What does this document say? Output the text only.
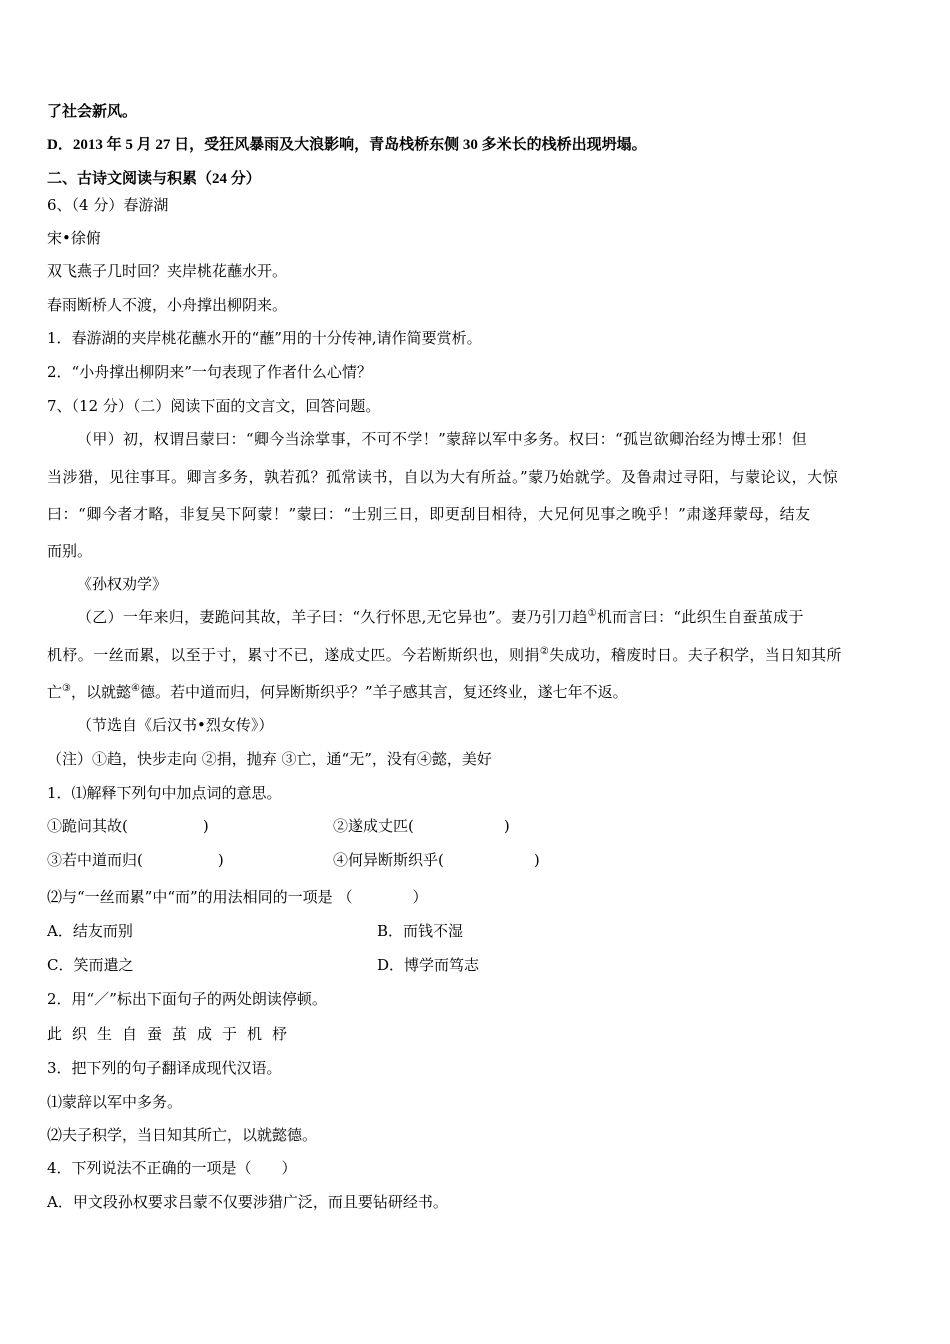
了社会新风。
D．2013 年 5 月 27 日，受狂风暴雨及大浪影响，青岛栈桥东侧 30 多米长的栈桥出现坍塌。
二、古诗文阅读与积累（24 分）
6、（4 分）春游湖
宋•徐俯
双飞燕子几时回？夹岸桃花蘸水开。
春雨断桥人不渡，小舟撑出柳阴来。
1．春游湖的夹岸桃花蘸水开的“蘸”用的十分传神,请作简要赏析。
2．“小舟撑出柳阴来”一句表现了作者什么心情？
7、（12 分）（二）阅读下面的文言文，回答问题。
（甲）初，权谓吕蒙曰：“卿今当涂掌事，不可不学！”蒙辞以军中多务。权曰：“孤岂欲卿治经为博士邪！但
当涉猎，见往事耳。卿言多务，孰若孤？孤常读书，自以为大有所益。”蒙乃始就学。及鲁肃过寻阳，与蒙论议，大惊
曰：“卿今者才略，非复吴下阿蒙！”蒙曰：“士别三日，即更刮目相待，大兄何见事之晚乎！”肃遂拜蒙母，结友
而别。
《孙权劝学》
（乙）一年来归，妻跪问其故，羊子曰：“久行怀思,无它异也”。妻乃引刀趋①机而言曰：“此织生自蚕茧成于
机杼。一丝而累，以至于寸，累寸不已，遂成丈匹。今若断斯织也，则捐②失成功，稽废时日。夫子积学，当日知其所
亡③，以就懿④德。若中道而归，何异断斯织乎？”羊子感其言，复还终业，遂七年不返。
（节选自《后汉书•烈女传》）
（注）①趋，快步走向 ②捐，抛弃 ③亡，通“无”，没有④懿，美好
1．⑴解释下列句中加点词的意思。
①跪问其故(　　　　　)	②遂成丈匹(　　　　　　)
③若中道而归(　　　　　)	④何异断斯织乎(　　　　　　)
⑵与“一丝而累”中“而”的用法相同的一项是 （　　　　）
A．结友而别	B．而钱不湿
C．笑而遣之	D．博学而笃志
2．用“／”标出下面句子的两处朗读停顿。
此织生自蚕茧成于机杼
3．把下列的句子翻译成现代汉语。
⑴蒙辞以军中多务。
⑵夫子积学，当日知其所亡，以就懿德。
4．下列说法不正确的一项是（　　）
A．甲文段孙权要求吕蒙不仅要涉猎广泛，而且要钻研经书。
